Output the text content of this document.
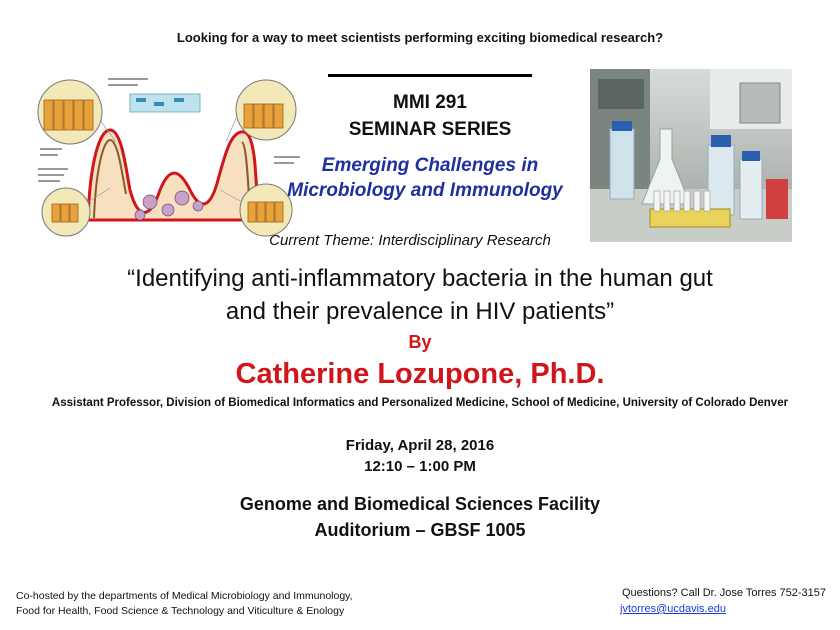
Looking for a way to meet scientists performing exciting biomedical research?
MMI 291
SEMINAR SERIES
Emerging Challenges in
Microbiology and Immunology
Current Theme: Interdisciplinary Research
“Identifying anti-inflammatory bacteria in the human gut
and their prevalence in HIV patients”
By
Catherine Lozupone, Ph.D.
Assistant Professor, Division of Biomedical Informatics and Personalized Medicine, School of Medicine, University of Colorado Denver
Friday, April 28, 2016
12:10 – 1:00 PM
Genome and Biomedical Sciences Facility
Auditorium – GBSF 1005
Co-hosted by the departments of Medical Microbiology and Immunology,
Food for Health, Food Science & Technology and Viticulture & Enology
Questions? Call Dr. Jose Torres 752-3157
jvtorres@ucdavis.edu
